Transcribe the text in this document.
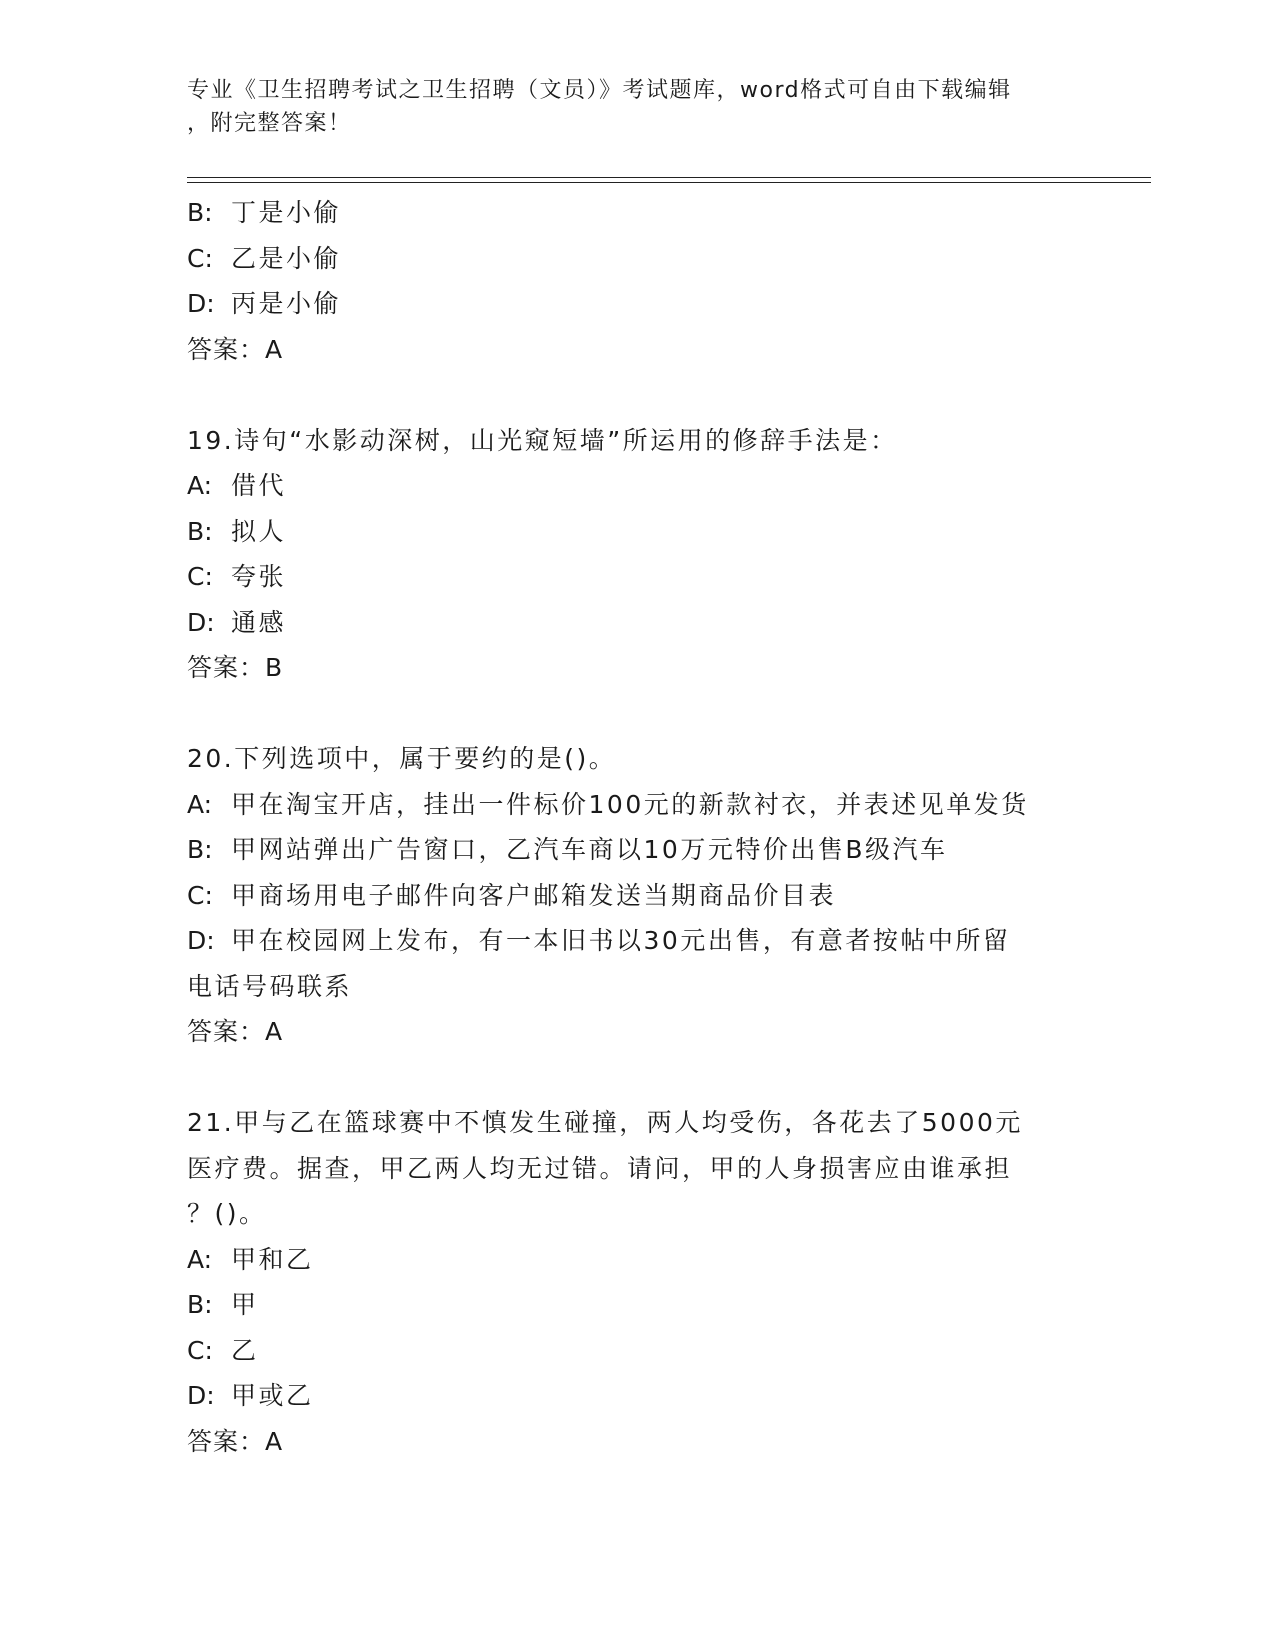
专业《卫生招聘考试之卫生招聘（文员）》考试题库，word格式可自由下载编辑
，附完整答案！
B: 丁是小偷
C: 乙是小偷
D: 丙是小偷
答案：A
19.诗句“水影动深树，山光窥短墙”所运用的修辞手法是：
A: 借代
B: 拟人
C: 夸张
D: 通感
答案：B
20.下列选项中，属于要约的是()。
A: 甲在淘宝开店，挂出一件标价100元的新款衬衣，并表述见单发货
B: 甲网站弹出广告窗口，乙汽车商以10万元特价出售B级汽车
C: 甲商场用电子邮件向客户邮箱发送当期商品价目表
D: 甲在校园网上发布，有一本旧书以30元出售，有意者按帖中所留
电话号码联系
答案：A
21.甲与乙在篮球赛中不慎发生碰撞，两人均受伤，各花去了5000元
医疗费。据查，甲乙两人均无过错。请问，甲的人身损害应由谁承担
？()。
A: 甲和乙
B: 甲
C: 乙
D: 甲或乙
答案：A
